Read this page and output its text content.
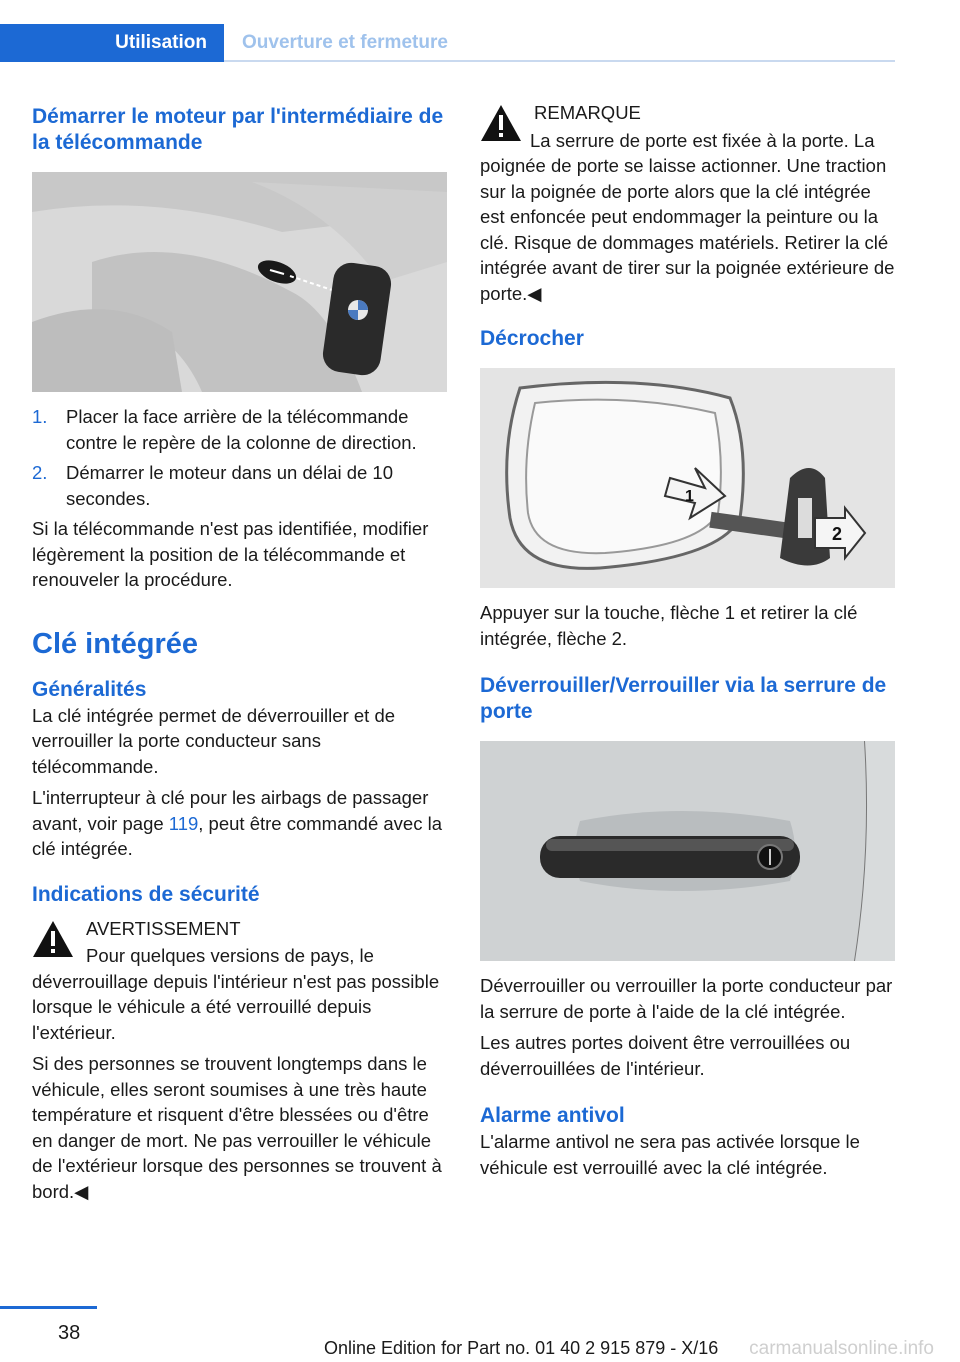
Utilisation	Ouverture et fermeture
Démarrer le moteur par l'intermédiaire de la télécommande
1. Placer la face arrière de la télécommande contre le repère de la colonne de direction.
2. Démarrer le moteur dans un délai de 10 secondes.

Si la télécommande n'est pas identifiée, modifier légèrement la position de la télécommande et renouveler la procédure.

Clé intégrée
Généralités

La clé intégrée permet de déverrouiller et de verrouiller la porte conducteur sans télécommande.

L'interrupteur à clé pour les airbags de passager avant, voir page 119, peut être commandé avec la clé intégrée.

Indications de sécurité

AVERTISSEMENT

Pour quelques versions de pays, le déverrouillage depuis l'intérieur n'est pas possible lorsque le véhicule a été verrouillé depuis l'extérieur.

Si des personnes se trouvent longtemps dans le véhicule, elles seront soumises à une très haute température et risquent d'être blessées ou d'être en danger de mort. Ne pas verrouiller le véhicule de l'extérieur lorsque des personnes se trouvent à bord.◀

REMARQUE

La serrure de porte est fixée à la porte. La poignée de porte se laisse actionner. Une traction sur la poignée de porte alors que la clé intégrée est enfoncée peut endommager la peinture ou la clé. Risque de dommages matériels. Retirer la clé intégrée avant de tirer sur la poignée extérieure de porte.◀

Décrocher
1
2

Appuyer sur la touche, flèche 1 et retirer la clé intégrée, flèche 2.

Déverrouiller/Verrouiller via la serrure de porte

Déverrouiller ou verrouiller la porte conducteur par la serrure de porte à l'aide de la clé intégrée.

Les autres portes doivent être verrouillées ou déverrouillées de l'intérieur.

Alarme antivol

L'alarme antivol ne sera pas activée lorsque le véhicule est verrouillé avec la clé intégrée.

38
Online Edition for Part no. 01 40 2 915 879 - X/16 carmanualsonline.info
